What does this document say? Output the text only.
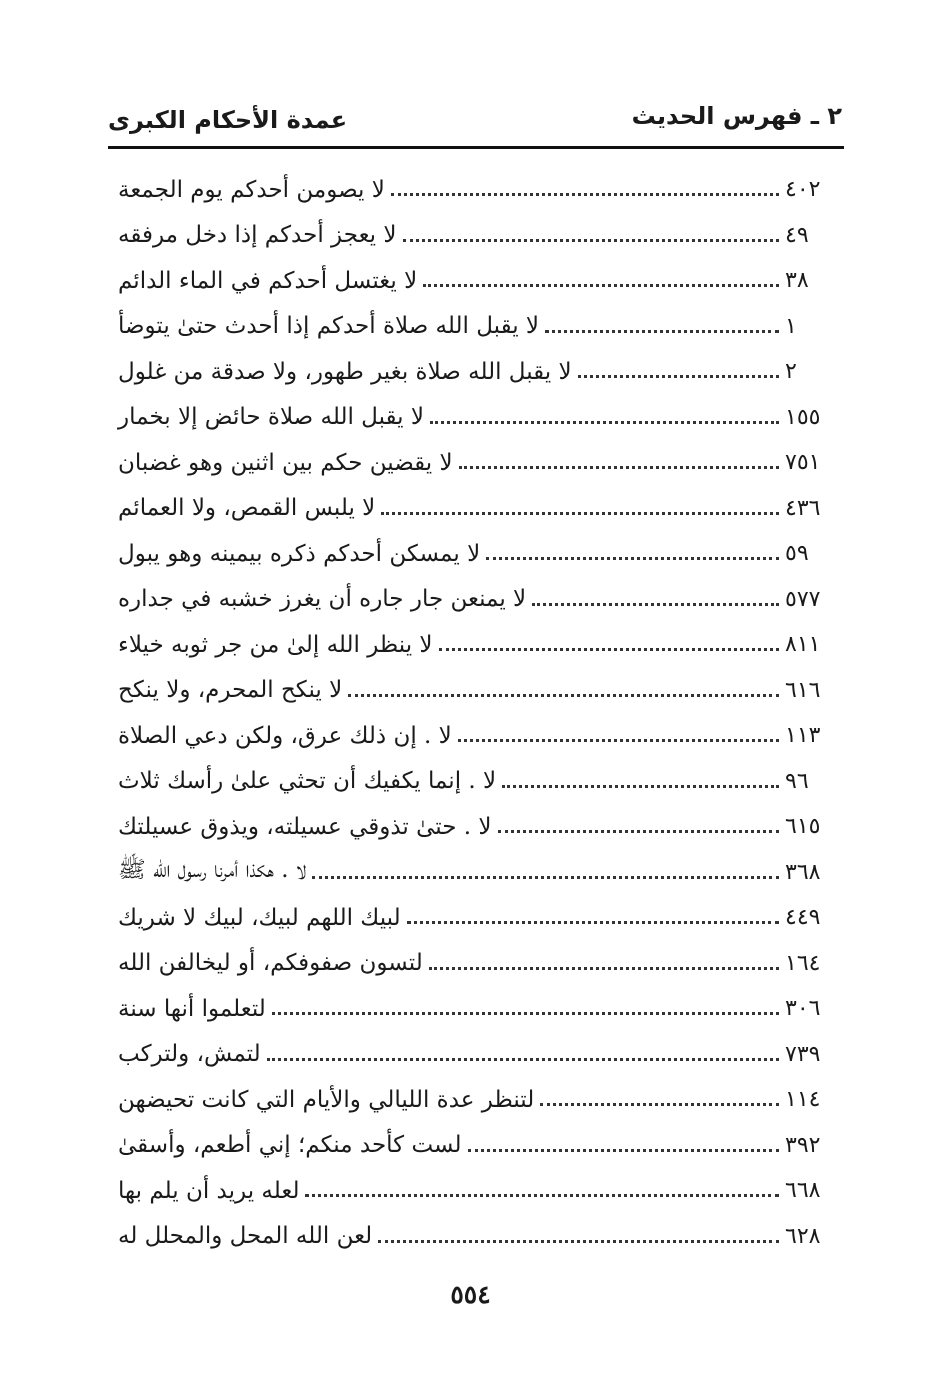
عمدة الأحكام الكبرى	٢ ـ فهرس الحديث
لا يصومن أحدكم يوم الجمعة	٤٠٢
لا يعجز أحدكم إذا دخل مرفقه	٤٩
لا يغتسل أحدكم في الماء الدائم	٣٨
لا يقبل الله صلاة أحدكم إذا أحدث حتىٰ يتوضأ	١
لا يقبل الله صلاة بغير طهور، ولا صدقة من غلول	٢
لا يقبل الله صلاة حائض إلا بخمار	١٥٥
لا يقضين حكم بين اثنين وهو غضبان	٧٥١
لا يلبس القمص، ولا العمائم	٤٣٦
لا يمسكن أحدكم ذكره بيمينه وهو يبول	٥٩
لا يمنعن جار جاره أن يغرز خشبه في جداره	٥٧٧
لا ينظر الله إلىٰ من جر ثوبه خيلاء	٨١١
لا ينكح المحرم، ولا ينكح	٦١٦
لا . إن ذلك عرق، ولكن دعي الصلاة	١١٣
لا . إنما يكفيك أن تحثي علىٰ رأسك ثلاث	٩٦
لا . حتىٰ تذوقي عسيلته، ويذوق عسيلتك	٦١٥
لا . هكذا أمرنا رسول الله ﷺ	٣٦٨
لبيك اللهم لبيك، لبيك لا شريك	٤٤٩
لتسون صفوفكم، أو ليخالفن الله	١٦٤
لتعلموا أنها سنة	٣٠٦
لتمش، ولتركب	٧٣٩
لتنظر عدة الليالي والأيام التي كانت تحيضهن	١١٤
لست كأحد منكم؛ إني أطعم، وأسقىٰ	٣٩٢
لعله يريد أن يلم بها	٦٦٨
لعن الله المحل والمحلل له	٦٢٨
٥٥٤
